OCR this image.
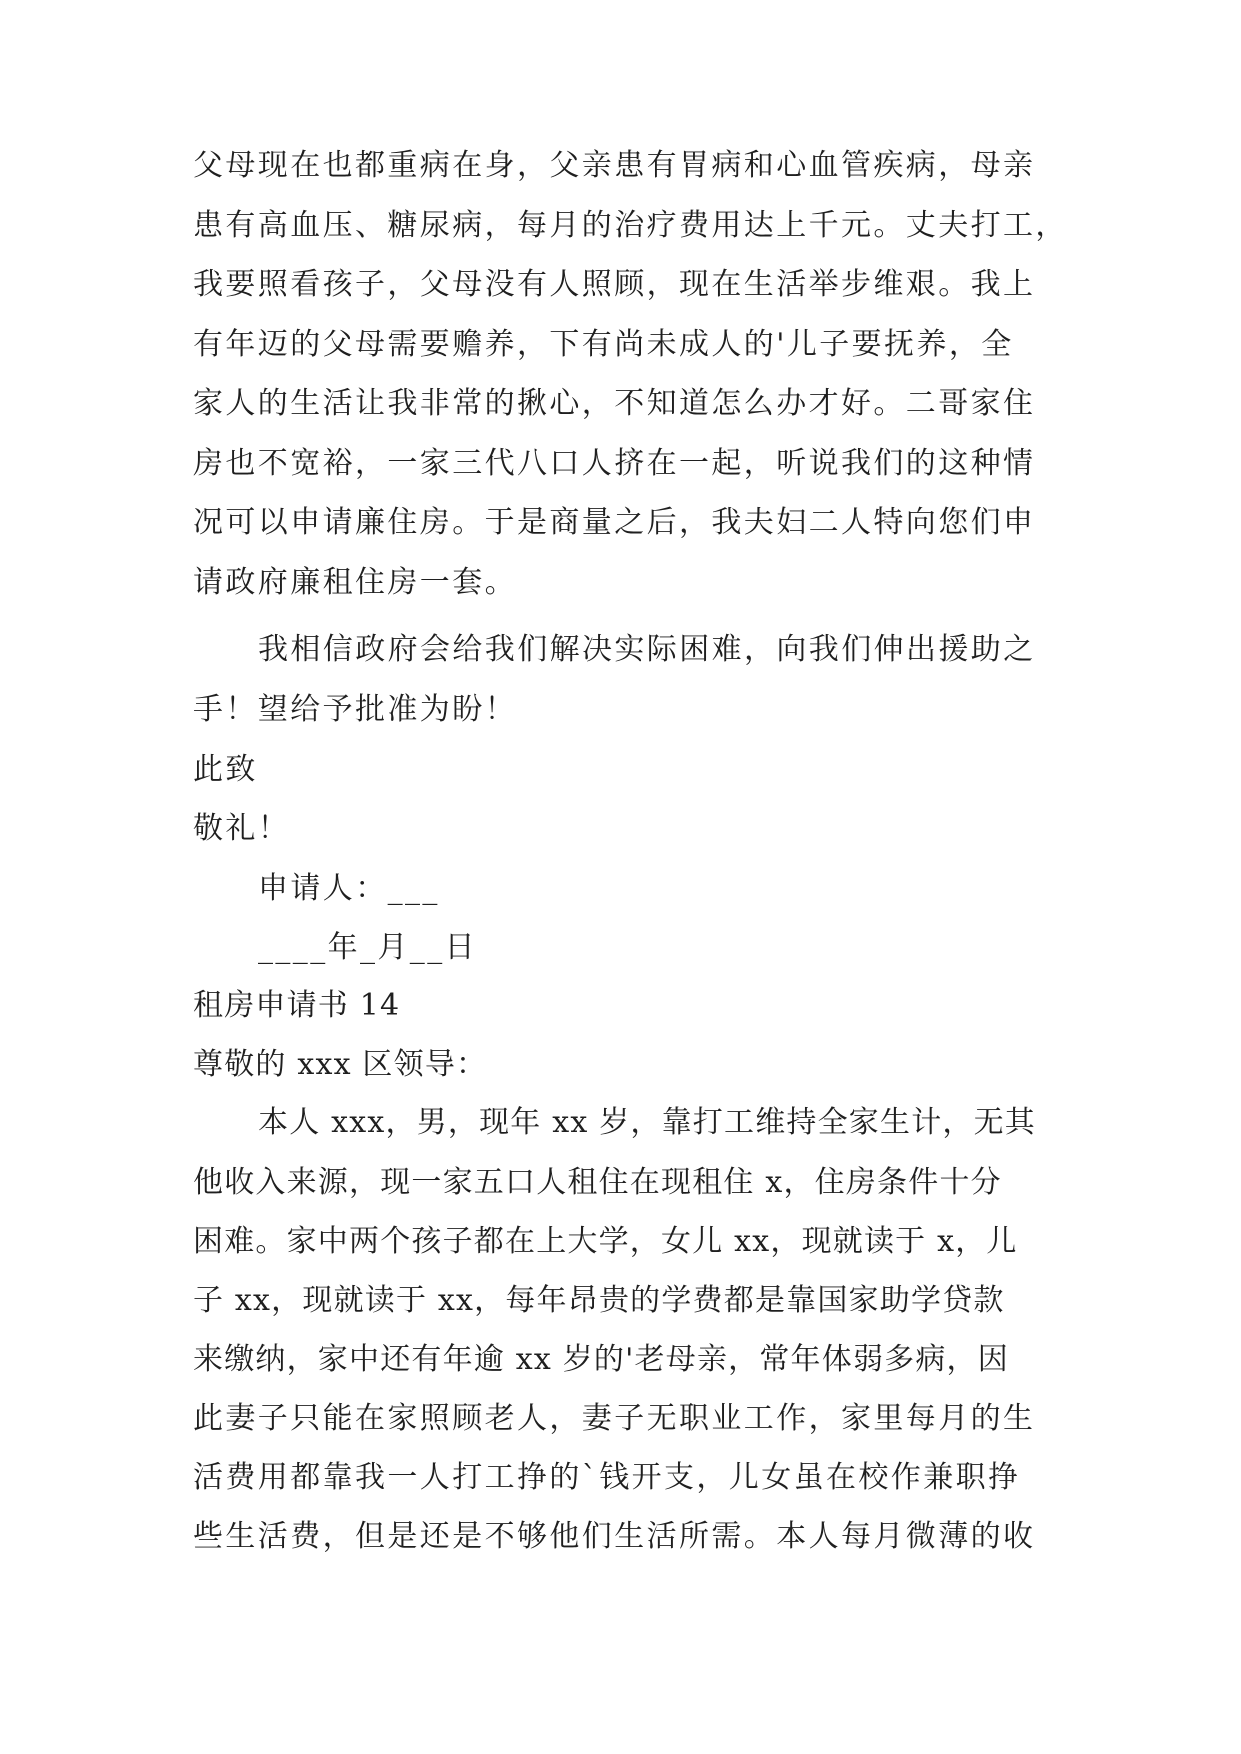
父母现在也都重病在身，父亲患有胃病和心血管疾病，母亲
患有高血压、糖尿病，每月的治疗费用达上千元。丈夫打工，
我要照看孩子，父母没有人照顾，现在生活举步维艰。我上
有年迈的父母需要赡养，下有尚未成人的'儿子要抚养，全
家人的生活让我非常的揪心，不知道怎么办才好。二哥家住
房也不宽裕，一家三代八口人挤在一起，听说我们的这种情
况可以申请廉住房。于是商量之后，我夫妇二人特向您们申
请政府廉租住房一套。
我相信政府会给我们解决实际困难，向我们伸出援助之
手！望给予批准为盼！
此致
敬礼！
申请人：___
____年_月__日
租房申请书 14
尊敬的 xxx 区领导：
本人 xxx，男，现年 xx 岁，靠打工维持全家生计，无其
他收入来源，现一家五口人租住在现租住 x，住房条件十分
困难。家中两个孩子都在上大学，女儿 xx，现就读于 x，儿
子 xx，现就读于 xx，每年昂贵的学费都是靠国家助学贷款
来缴纳，家中还有年逾 xx 岁的'老母亲，常年体弱多病，因
此妻子只能在家照顾老人，妻子无职业工作，家里每月的生
活费用都靠我一人打工挣的`钱开支，儿女虽在校作兼职挣
些生活费，但是还是不够他们生活所需。本人每月微薄的收
